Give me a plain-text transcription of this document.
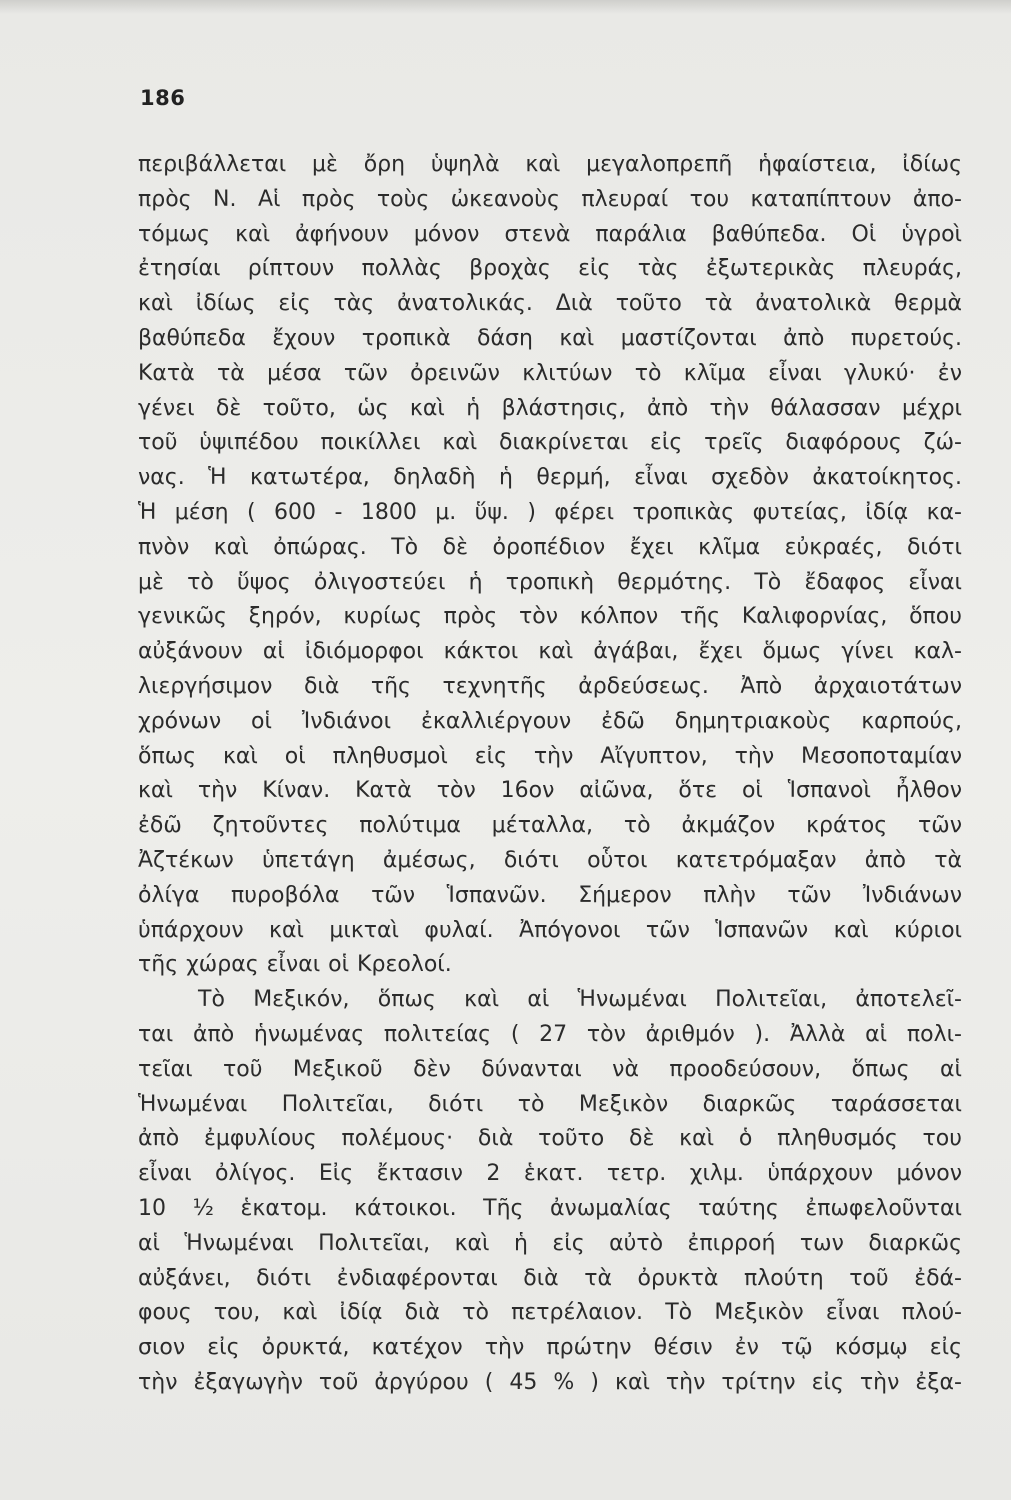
186
περιβάλλεται μὲ ὄρη ὑψηλὰ καὶ μεγαλοπρεπῆ ἡφαίστεια, ἰδίως
πρὸς Ν. Αἱ πρὸς τοὺς ὠκεανοὺς πλευραί του καταπίπτουν ἀπο-
τόμως καὶ ἀφήνουν μόνον στενὰ παράλια βαθύπεδα. Οἱ ὑγροὶ
ἐτησίαι ρίπτουν πολλὰς βροχὰς εἰς τὰς ἐξωτερικὰς πλευράς,
καὶ ἰδίως εἰς τὰς ἀνατολικάς. Διὰ τοῦτο τὰ ἀνατολικὰ θερμὰ
βαθύπεδα ἔχουν τροπικὰ δάση καὶ μαστίζονται ἀπὸ πυρετούς.
Κατὰ τὰ μέσα τῶν ὀρεινῶν κλιτύων τὸ κλῖμα εἶναι γλυκύ· ἐν
γένει δὲ τοῦτο, ὡς καὶ ἡ βλάστησις, ἀπὸ τὴν θάλασσαν μέχρι
τοῦ ὑψιπέδου ποικίλλει καὶ διακρίνεται εἰς τρεῖς διαφόρους ζώ-
νας. Ἡ κατωτέρα, δηλαδὴ ἡ θερμή, εἶναι σχεδὸν ἀκατοίκητος.
Ἡ μέση ( 600 - 1800 μ. ὕψ. ) φέρει τροπικὰς φυτείας, ἰδίᾳ κα-
πνὸν καὶ ὀπώρας. Τὸ δὲ ὀροπέδιον ἔχει κλῖμα εὐκραές, διότι
μὲ τὸ ὕψος ὀλιγοστεύει ἡ τροπικὴ θερμότης. Τὸ ἔδαφος εἶναι
γενικῶς ξηρόν, κυρίως πρὸς τὸν κόλπον τῆς Καλιφορνίας, ὅπου
αὐξάνουν αἱ ἰδιόμορφοι κάκτοι καὶ ἀγάβαι, ἔχει ὅμως γίνει καλ-
λιεργήσιμον διὰ τῆς τεχνητῆς ἀρδεύσεως. Ἀπὸ ἀρχαιοτάτων
χρόνων οἱ Ἰνδιάνοι ἐκαλλιέργουν ἐδῶ δημητριακοὺς καρπούς,
ὅπως καὶ οἱ πληθυσμοὶ εἰς τὴν Αἴγυπτον, τὴν Μεσοποταμίαν
καὶ τὴν Κίναν. Κατὰ τὸν 16ον αἰῶνα, ὅτε οἱ Ἱσπανοὶ ἦλθον
ἐδῶ ζητοῦντες πολύτιμα μέταλλα, τὸ ἀκμάζον κράτος τῶν
Ἀζτέκων ὑπετάγη ἀμέσως, διότι οὗτοι κατετρόμαξαν ἀπὸ τὰ
ὀλίγα πυροβόλα τῶν Ἱσπανῶν. Σήμερον πλὴν τῶν Ἰνδιάνων
ὑπάρχουν καὶ μικταὶ φυλαί. Ἀπόγονοι τῶν Ἱσπανῶν καὶ κύριοι
τῆς χώρας εἶναι οἱ Κρεολοί.
Τὸ Μεξικόν, ὅπως καὶ αἱ Ἡνωμέναι Πολιτεῖαι, ἀποτελεῖ-
ται ἀπὸ ἡνωμένας πολιτείας ( 27 τὸν ἀριθμόν ). Ἀλλὰ αἱ πολι-
τεῖαι τοῦ Μεξικοῦ δὲν δύνανται νὰ προοδεύσουν, ὅπως αἱ
Ἡνωμέναι Πολιτεῖαι, διότι τὸ Μεξικὸν διαρκῶς ταράσσεται
ἀπὸ ἐμφυλίους πολέμους· διὰ τοῦτο δὲ καὶ ὁ πληθυσμός του
εἶναι ὀλίγος. Εἰς ἔκτασιν 2 ἑκατ. τετρ. χιλμ. ὑπάρχουν μόνον
10 ½ ἑκατομ. κάτοικοι. Τῆς ἀνωμαλίας ταύτης ἐπωφελοῦνται
αἱ Ἡνωμέναι Πολιτεῖαι, καὶ ἡ εἰς αὐτὸ ἐπιρροή των διαρκῶς
αὐξάνει, διότι ἐνδιαφέρονται διὰ τὰ ὀρυκτὰ πλούτη τοῦ ἐδά-
φους του, καὶ ἰδίᾳ διὰ τὸ πετρέλαιον. Τὸ Μεξικὸν εἶναι πλού-
σιον εἰς ὀρυκτά, κατέχον τὴν πρώτην θέσιν ἐν τῷ κόσμῳ εἰς
τὴν ἐξαγωγὴν τοῦ ἀργύρου ( 45 % ) καὶ τὴν τρίτην εἰς τὴν ἐξα-
